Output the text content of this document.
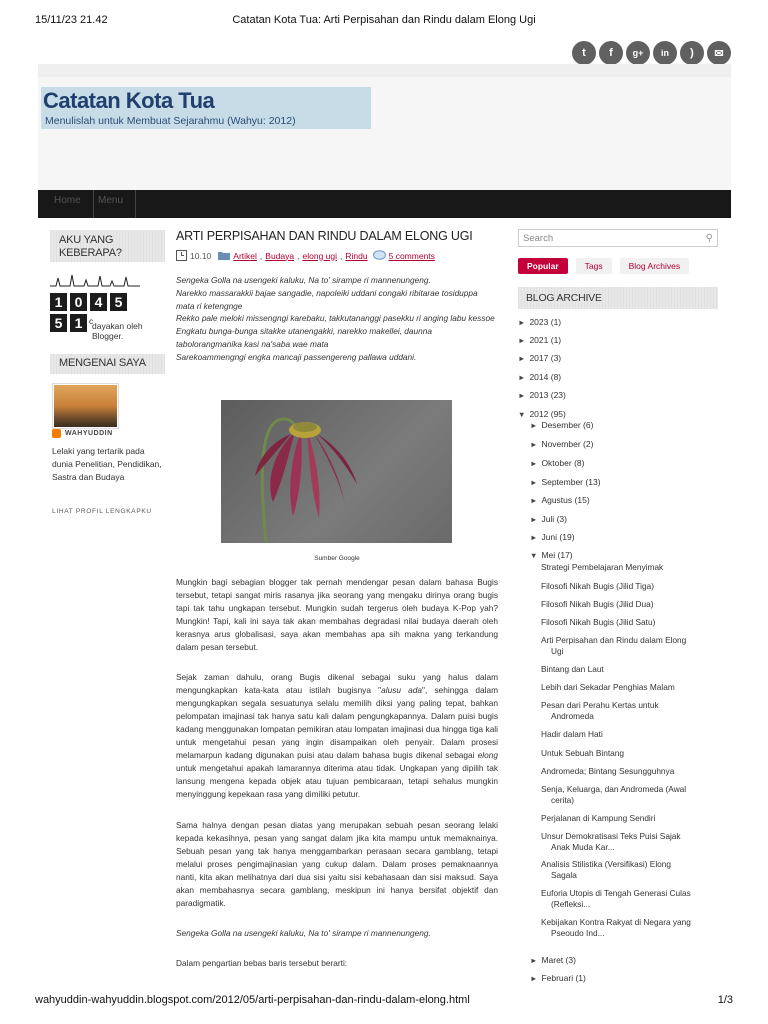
15/11/23 21.42	Catatan Kota Tua: Arti Perpisahan dan Rindu dalam Elong Ugi
t	f	g+	in	)	✉
Catatan Kota Tua
Menulislah untuk Membuat Sejarahmu (Wahyu: 2012)
Home	Menu
AKU YANG KEBERAPA?
1 0 4 5
5 1 c
dayakan oleh Blogger.
MENGENAI SAYA
WAHYUDDIN
Lelaki yang tertarik pada dunia Penelitian, Pendidikan, Sastra dan Budaya
LIHAT PROFIL LENGKAPKU
ARTI PERPISAHAN DAN RINDU DALAM ELONG UGI
10.10	Artikel , Budaya , elong ugi , Rindu 5 comments
Sengeka Golla na usengeki kaluku, Na to' sirampe ri mannenungeng.
Narekko massarakkii bajae sangadie, napoleiki uddani congaki ribitarae tosiduppa mata ri ketengnge
Rekko pale meloki missengngi karebaku, takkutananggi pasekku ri anging labu kessoe
Engkatu bunga-bunga sitakke utanengakki, narekko makellei, daunna tabolorangmanika kasi na'saba wae mata
Sarekoammengngi engka mancaji passengereng pallawa uddani.
Sumber Google

Mungkin bagi sebagian blogger tak pernah mendengar pesan dalam bahasa Bugis tersebut, tetapi sangat miris rasanya jika seorang yang mengaku dirinya orang bugis tapi tak tahu ungkapan tersebut. Mungkin sudah tergerus oleh budaya K-Pop yah? Mungkin! Tapi, kali ini saya tak akan membahas degradasi nilai budaya daerah oleh kerasnya arus globalisasi, saya akan membahas apa sih makna yang terkandung dalam pesan tersebut.

Sejak zaman dahulu, orang Bugis dikenal sebagai suku yang halus dalam mengungkapkan kata-kata atau istilah bugisnya "alusu ada", sehingga dalam mengungkapkan segala sesuatunya selalu memilih diksi yang paling tepat, bahkan pelompatan imajinasi tak hanya satu kali dalam pengungkapannya. Dalam puisi bugis kadang menggunakan lompatan pemikiran atau lompatan imajinasi dua hingga tiga kali untuk mengetahui pesan yang ingin disampaikan oleh penyair. Dalam prosesi melamarpun kadang digunakan puisi atau dalam bahasa bugis dikenal sebagai elong untuk mengetahui apakah lamarannya diterima atau tidak. Ungkapan yang dipilih tak lansung mengena kepada objek atau tujuan pembicaraan, tetapi sehalus mungkin menyinggung kepekaan rasa yang dimiliki petutur.

Sama halnya dengan pesan diatas yang merupakan sebuah pesan seorang lelaki kepada kekasihnya, pesan yang sangat dalam jika kita mampu untuk memaknainya. Sebuah pesan yang tak hanya menggambarkan perasaan secara gamblang, tetapi melalui proses pengimajinasian yang cukup dalam. Dalam proses pemaknaannya nanti, kita akan melihatnya dari dua sisi yaitu sisi kebahasaan dan sisi maksud. Saya akan membahasnya secara gamblang, meskipun ini hanya bersifat objektif dan paradigmatik.

Sengeka Golla na usengeki kaluku, Na to' sirampe ri mannenungeng.

Dalam pengartian bebas baris tersebut berarti:

Search	⚲
Popular	Tags	Blog Archives
BLOG ARCHIVE
► 2023 (1)
► 2021 (1)
► 2017 (3)
► 2014 (8)
► 2013 (23)
▼ 2012 (95)
► Desember (6)
► November (2)
► Oktober (8)
► September (13)
► Agustus (15)
► Juli (3)
► Juni (19)
▼ Mei (17)
Strategi Pembelajaran Menyimak
Filosofi Nikah Bugis (Jilid Tiga)
Filosofi Nikah Bugis (Jilid Dua)
Filosofi Nikah Bugis (Jilid Satu)
Arti Perpisahan dan Rindu dalam Elong
Ugi
Bintang dan Laut
Lebih dari Sekadar Penghias Malam
Pesan dari Perahu Kertas untuk
Andromeda
Hadir dalam Hati
Untuk Sebuah Bintang
Andromeda; Bintang Sesungguhnya
Senja, Keluarga, dan Andromeda (Awal
cerita)
Perjalanan di Kampung Sendiri
Unsur Demokratisasi Teks Puisi Sajak
Anak Muda Kar...
Analisis Stilistika (Versifikasi) Elong
Sagala
Euforia Utopis di Tengah Generasi Culas
(Refleksi...
Kebijakan Kontra Rakyat di Negara yang
Pseoudo Ind...
► Maret (3)
► Februari (1)
wahyuddin-wahyuddin.blogspot.com/2012/05/arti-perpisahan-dan-rindu-dalam-elong.html	1/3
